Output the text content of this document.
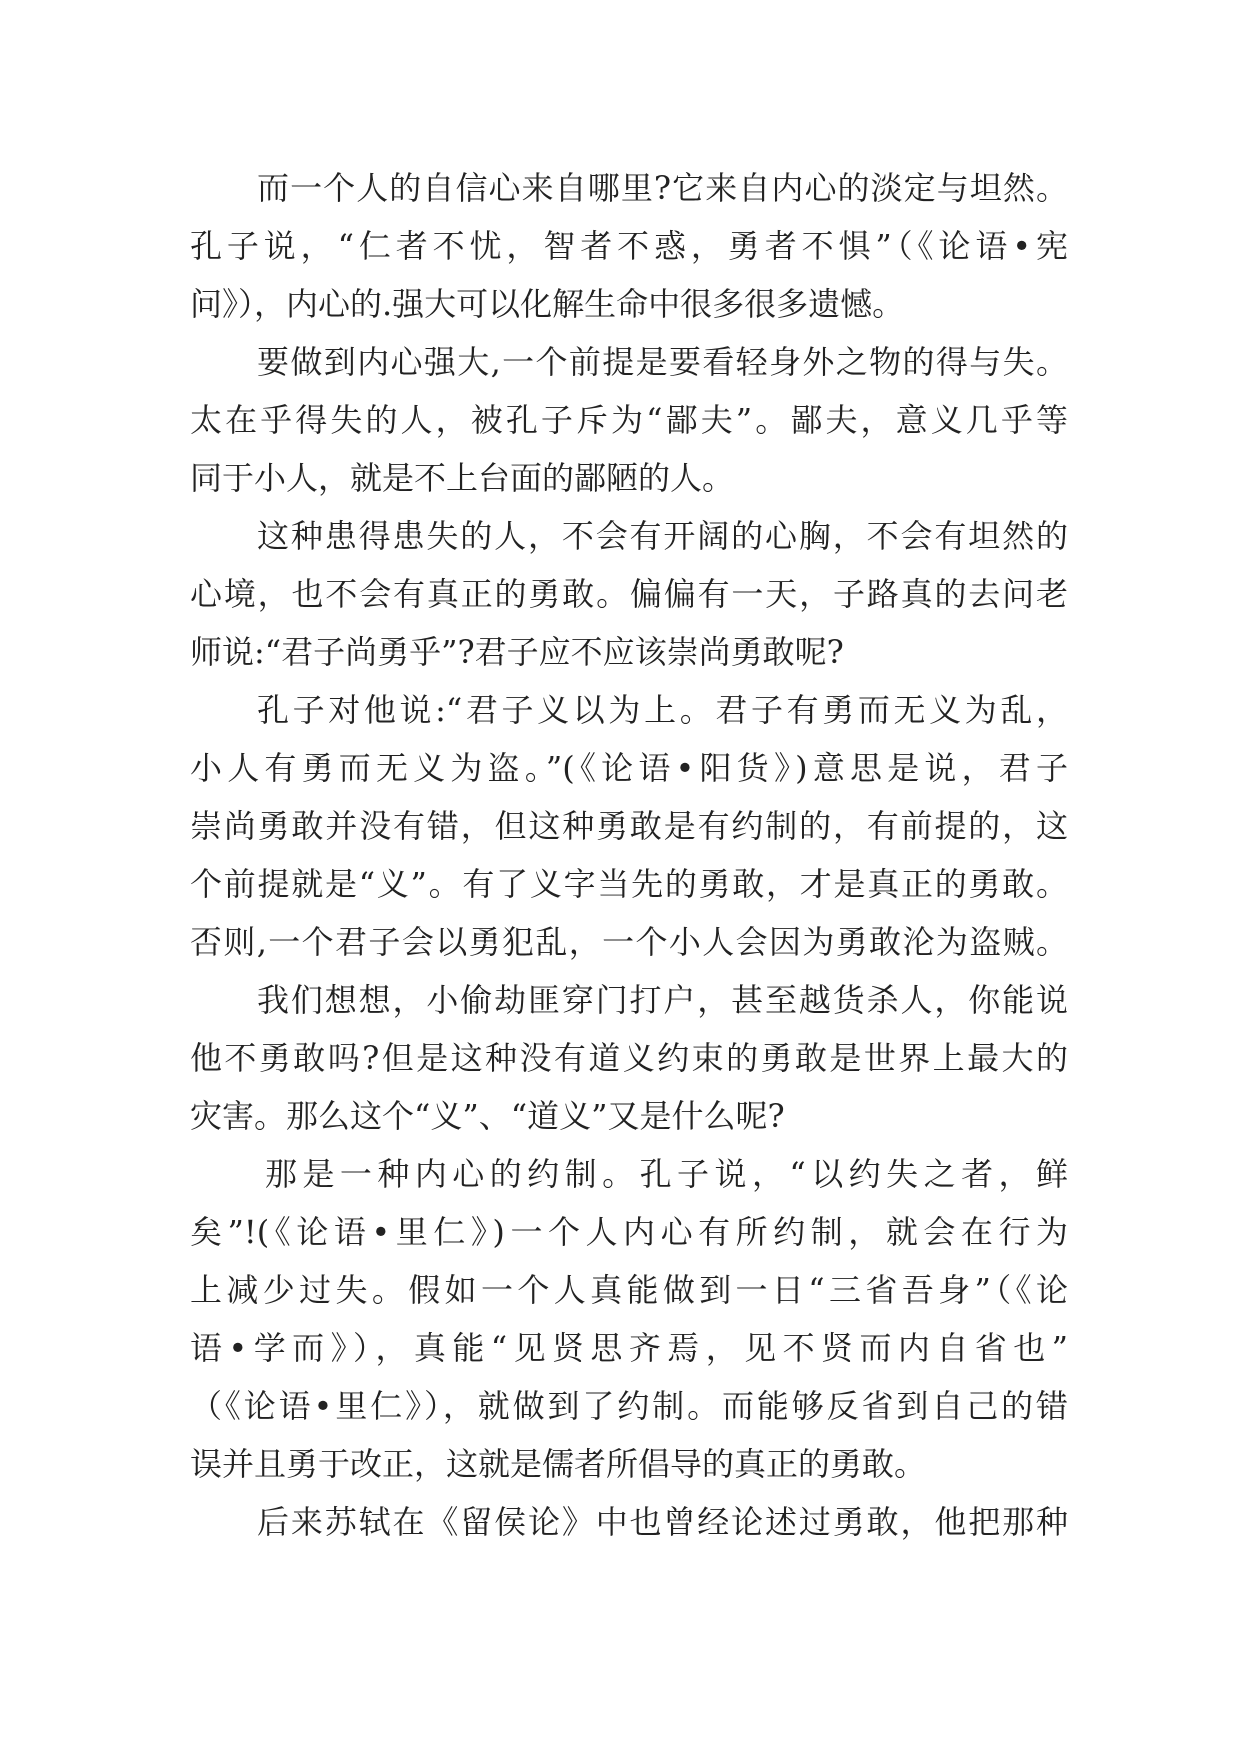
而一个人的自信心来自哪里?它来自内心的淡定与坦然。
孔子说，“仁者不忧，智者不惑，勇者不惧”（《论语•宪
问》），内心的.强大可以化解生命中很多很多遗憾。
要做到内心强大,一个前提是要看轻身外之物的得与失。
太在乎得失的人，被孔子斥为“鄙夫”。鄙夫，意义几乎等
同于小人，就是不上台面的鄙陋的人。
这种患得患失的人，不会有开阔的心胸，不会有坦然的
心境，也不会有真正的勇敢。偏偏有一天，子路真的去问老
师说:“君子尚勇乎”?君子应不应该崇尚勇敢呢?
孔子对他说:“君子义以为上。君子有勇而无义为乱，
小人有勇而无义为盗。”(《论语•阳货》)意思是说，君子
崇尚勇敢并没有错，但这种勇敢是有约制的，有前提的，这
个前提就是“义”。有了义字当先的勇敢，才是真正的勇敢。
否则,一个君子会以勇犯乱，一个小人会因为勇敢沦为盗贼。
我们想想，小偷劫匪穿门打户，甚至越货杀人，你能说
他不勇敢吗?但是这种没有道义约束的勇敢是世界上最大的
灾害。那么这个“义”、“道义”又是什么呢?
那是一种内心的约制。孔子说，“以约失之者，鲜
矣”!(《论语•里仁》)一个人内心有所约制，就会在行为
上减少过失。假如一个人真能做到一日“三省吾身”（《论
语•学而》），真能“见贤思齐焉，见不贤而内自省也”
（《论语•里仁》），就做到了约制。而能够反省到自己的错
误并且勇于改正，这就是儒者所倡导的真正的勇敢。
后来苏轼在《留侯论》中也曾经论述过勇敢，他把那种
